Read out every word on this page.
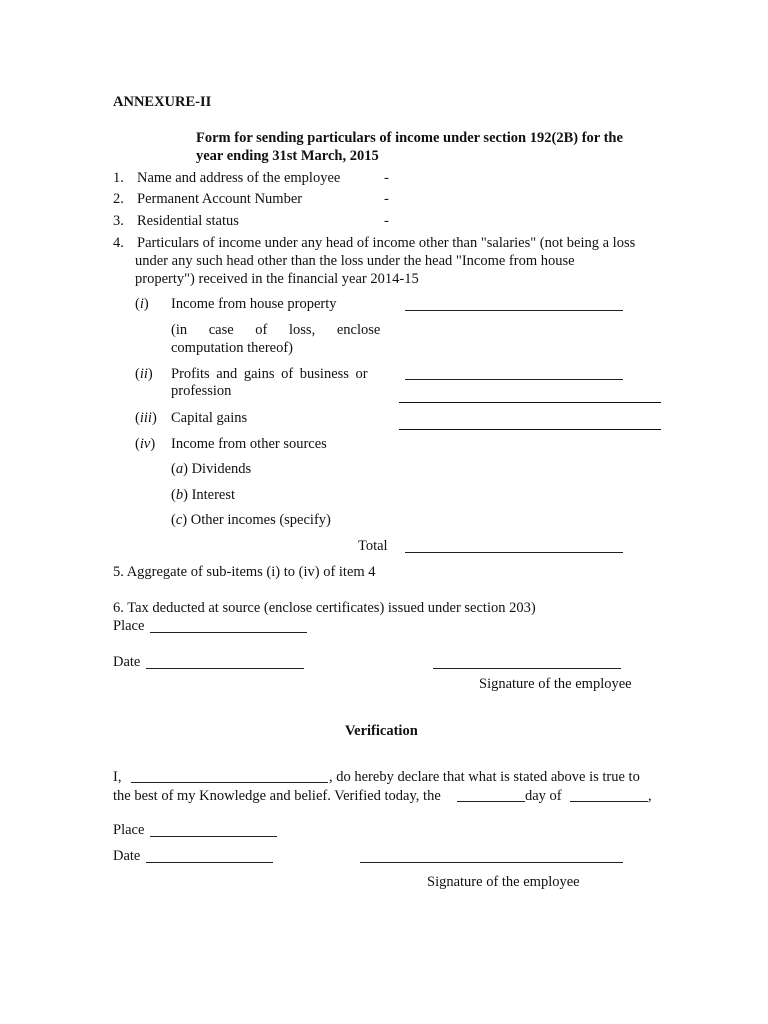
ANNEXURE-II
Form for sending particulars of income under section 192(2B) for the
year ending 31st March, 2015
1. Name and address of the employee	-
2. Permanent Account Number	-
3. Residential status	-
4. Particulars of income under any head of income other than "salaries" (not being a loss
under any such head other than the loss under the head "Income from house
property") received in the financial year 2014-15
(i) Income from house property
(in case of loss, enclose
computation thereof)
(ii) Profits and gains of business or
profession
(iii) Capital gains
(iv) Income from other sources
(a) Dividends
(b) Interest
(c) Other incomes (specify)
Total
5. Aggregate of sub-items (i) to (iv) of item 4
6. Tax deducted at source (enclose certificates) issued under section 203)
Place
Date
Signature of the employee
Verification
I,	, do hereby declare that what is stated above is true to
the best of my Knowledge and belief. Verified today, the	day of	,
Place
Date
Signature of the employee
